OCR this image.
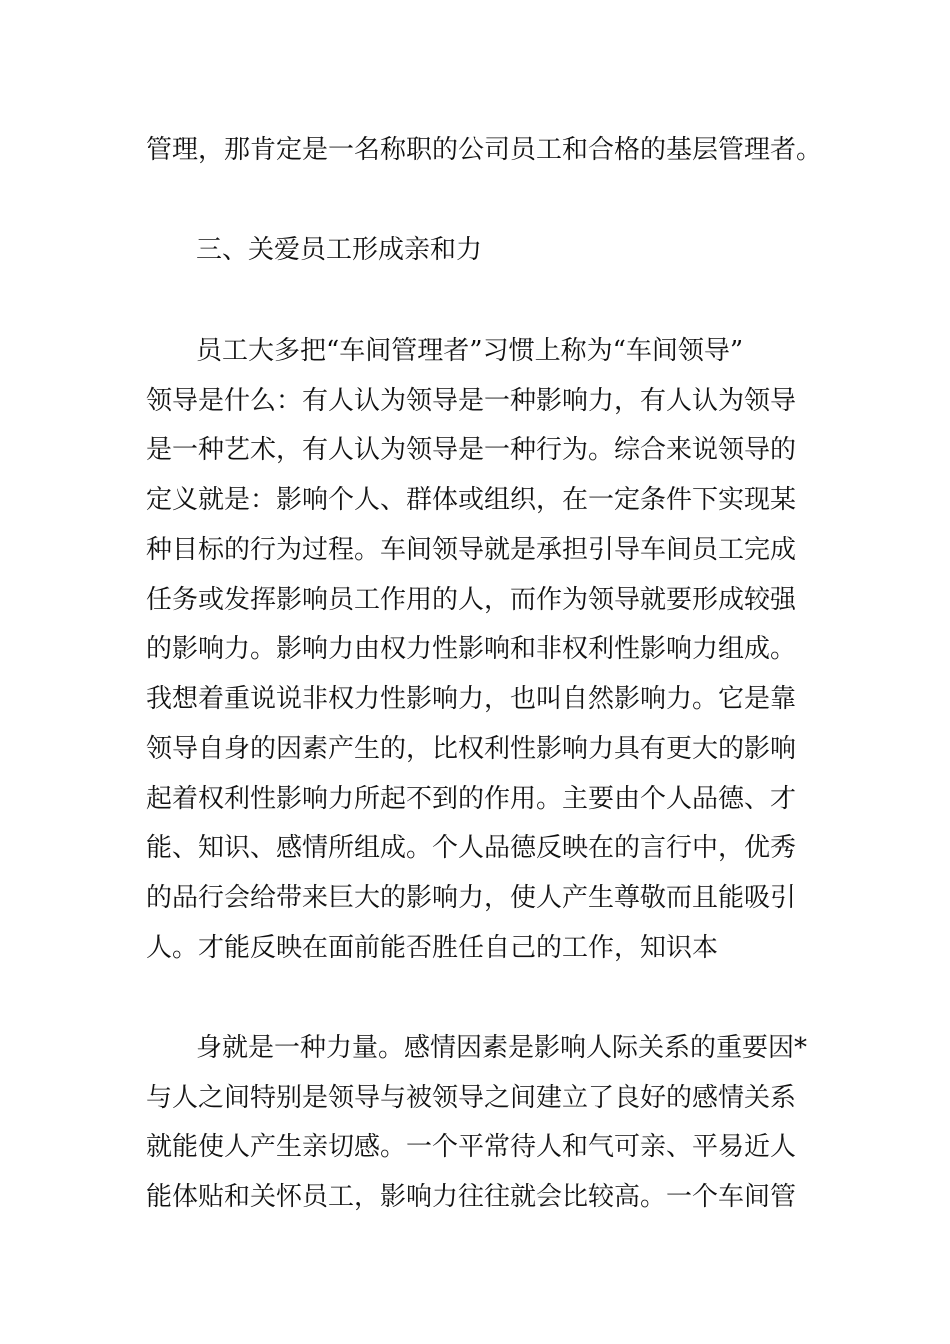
管理，那肯定是一名称职的公司员工和合格的基层管理者。
三、关爱员工形成亲和力
员工大多把“车间管理者”习惯上称为“车间领导”
领导是什么：有人认为领导是一种影响力，有人认为领导
是一种艺术，有人认为领导是一种行为。综合来说领导的
定义就是：影响个人、群体或组织，在一定条件下实现某
种目标的行为过程。车间领导就是承担引导车间员工完成
任务或发挥影响员工作用的人，而作为领导就要形成较强
的影响力。影响力由权力性影响和非权利性影响力组成。
我想着重说说非权力性影响力，也叫自然影响力。它是靠
领导自身的因素产生的，比权利性影响力具有更大的影响
起着权利性影响力所起不到的作用。主要由个人品德、才
能、知识、感情所组成。个人品德反映在的言行中，优秀
的品行会给带来巨大的影响力，使人产生尊敬而且能吸引
人。才能反映在面前能否胜任自己的工作，知识本
身就是一种力量。感情因素是影响人际关系的重要因*
与人之间特别是领导与被领导之间建立了良好的感情关系
就能使人产生亲切感。一个平常待人和气可亲、平易近人
能体贴和关怀员工，影响力往往就会比较高。一个车间管
